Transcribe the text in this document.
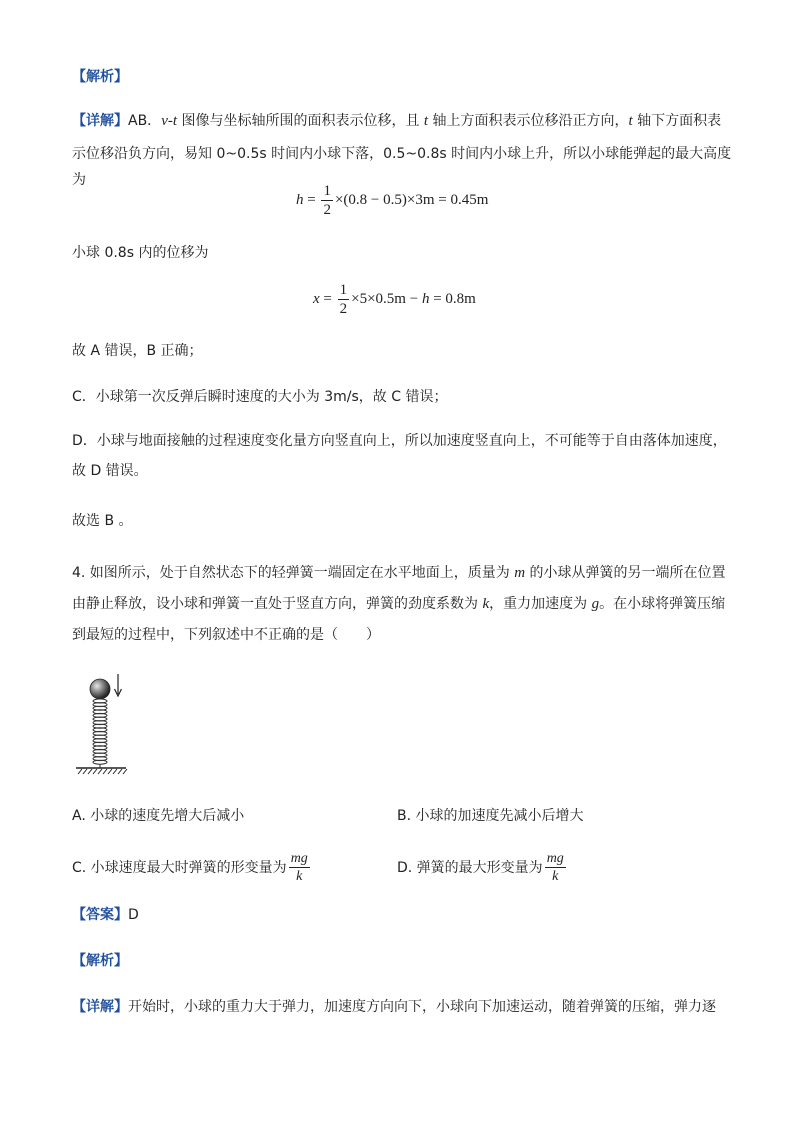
【解析】
【详解】AB．v-t 图像与坐标轴所围的面积表示位移，且 t 轴上方面积表示位移沿正方向，t 轴下方面积表
示位移沿负方向，易知 0~0.5s 时间内小球下落，0.5~0.8s 时间内小球上升，所以小球能弹起的最大高度为
$h = \frac{1}{2} \times(0.8 - 0.5)\times 3m = 0.45m$
小球 0.8s 内的位移为
$x = \frac{1}{2} \times 5\times 0.5m - h = 0.8m$
故 A 错误，B 正确；
C．小球第一次反弹后瞬时速度的大小为 3m/s，故 C 错误；
D．小球与地面接触的过程速度变化量方向竖直向上，所以加速度竖直向上，不可能等于自由落体加速度，
故 D 错误。
故选 B 。
4. 如图所示，处于自然状态下的轻弹簧一端固定在水平地面上，质量为 m 的小球从弹簧的另一端所在位置
由静止释放，设小球和弹簧一直处于竖直方向，弹簧的劲度系数为 k，重力加速度为 g。在小球将弹簧压缩
到最短的过程中，下列叙述中不正确的是（　　）
A. 小球的速度先增大后减小	B. 小球的加速度先减小后增大
C. 小球速度最大时弹簧的形变量为 $\frac{mg}{k}$	D. 弹簧的最大形变量为 $\frac{mg}{k}$
【答案】D
【解析】
【详解】开始时，小球的重力大于弹力，加速度方向向下，小球向下加速运动，随着弹簧的压缩，弹力逐
